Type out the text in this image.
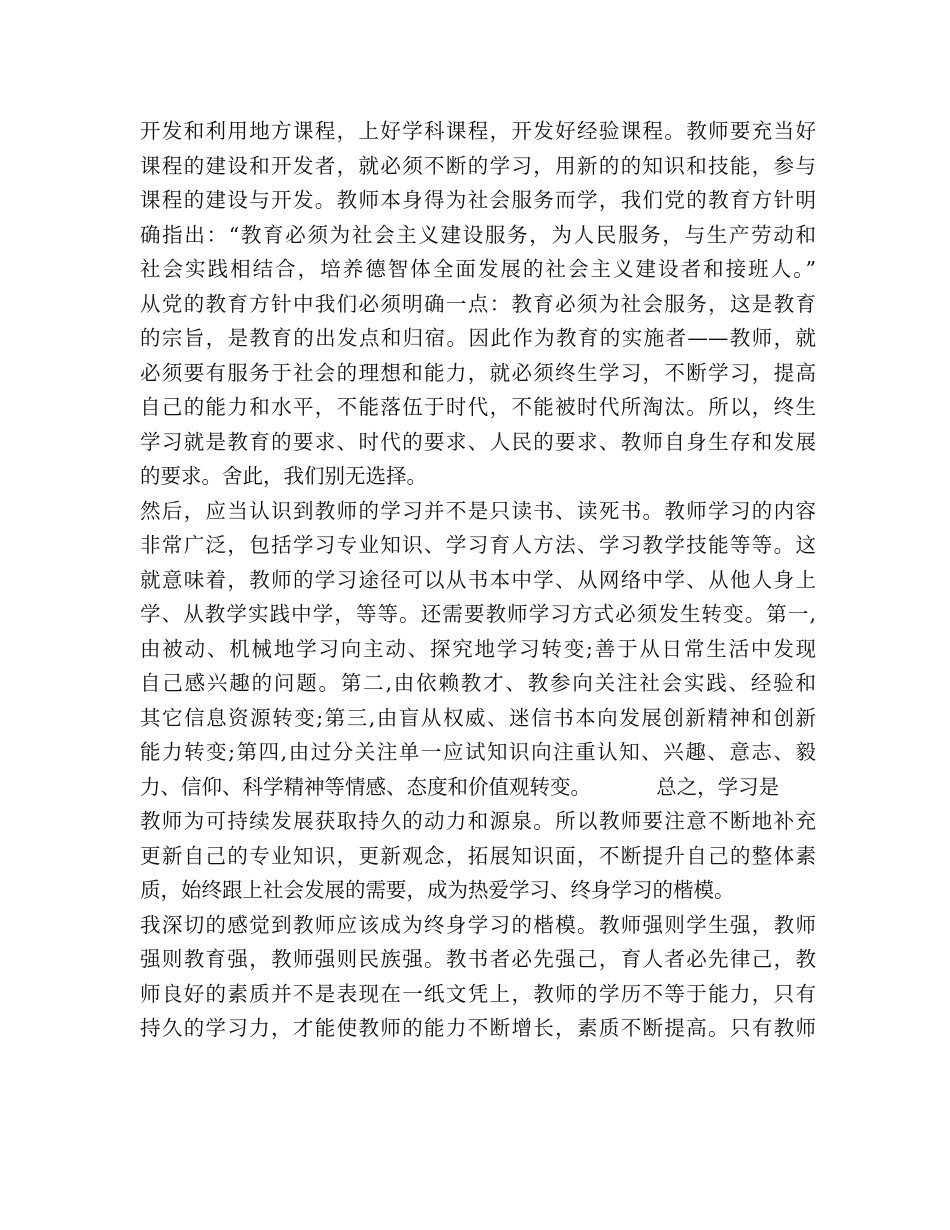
开发和利用地方课程，上好学科课程，开发好经验课程。教师要充当好
课程的建设和开发者，就必须不断的学习，用新的的知识和技能，参与
课程的建设与开发。教师本身得为社会服务而学，我们党的教育方针明
确指出：“教育必须为社会主义建设服务，为人民服务，与生产劳动和
社会实践相结合，培养德智体全面发展的社会主义建设者和接班人。”
从党的教育方针中我们必须明确一点：教育必须为社会服务，这是教育
的宗旨，是教育的出发点和归宿。因此作为教育的实施者——教师，就
必须要有服务于社会的理想和能力，就必须终生学习，不断学习，提高
自己的能力和水平，不能落伍于时代，不能被时代所淘汰。所以，终生
学习就是教育的要求、时代的要求、人民的要求、教师自身生存和发展
的要求。舍此，我们别无选择。
然后，应当认识到教师的学习并不是只读书、读死书。教师学习的内容
非常广泛，包括学习专业知识、学习育人方法、学习教学技能等等。这
就意味着，教师的学习途径可以从书本中学、从网络中学、从他人身上
学、从教学实践中学，等等。还需要教师学习方式必须发生转变。第一,
由被动、机械地学习向主动、探究地学习转变;善于从日常生活中发现
自己感兴趣的问题。第二,由依赖教才、教参向关注社会实践、经验和
其它信息资源转变;第三,由盲从权威、迷信书本向发展创新精神和创新
能力转变;第四,由过分关注单一应试知识向注重认知、兴趣、意志、毅
力、信仰、科学精神等情感、态度和价值观转变。          总之，学习是
教师为可持续发展获取持久的动力和源泉。所以教师要注意不断地补充
更新自己的专业知识，更新观念，拓展知识面，不断提升自己的整体素
质，始终跟上社会发展的需要，成为热爱学习、终身学习的楷模。
我深切的感觉到教师应该成为终身学习的楷模。教师强则学生强，教师
强则教育强，教师强则民族强。教书者必先强己，育人者必先律己，教
师良好的素质并不是表现在一纸文凭上，教师的学历不等于能力，只有
持久的学习力，才能使教师的能力不断增长，素质不断提高。只有教师
